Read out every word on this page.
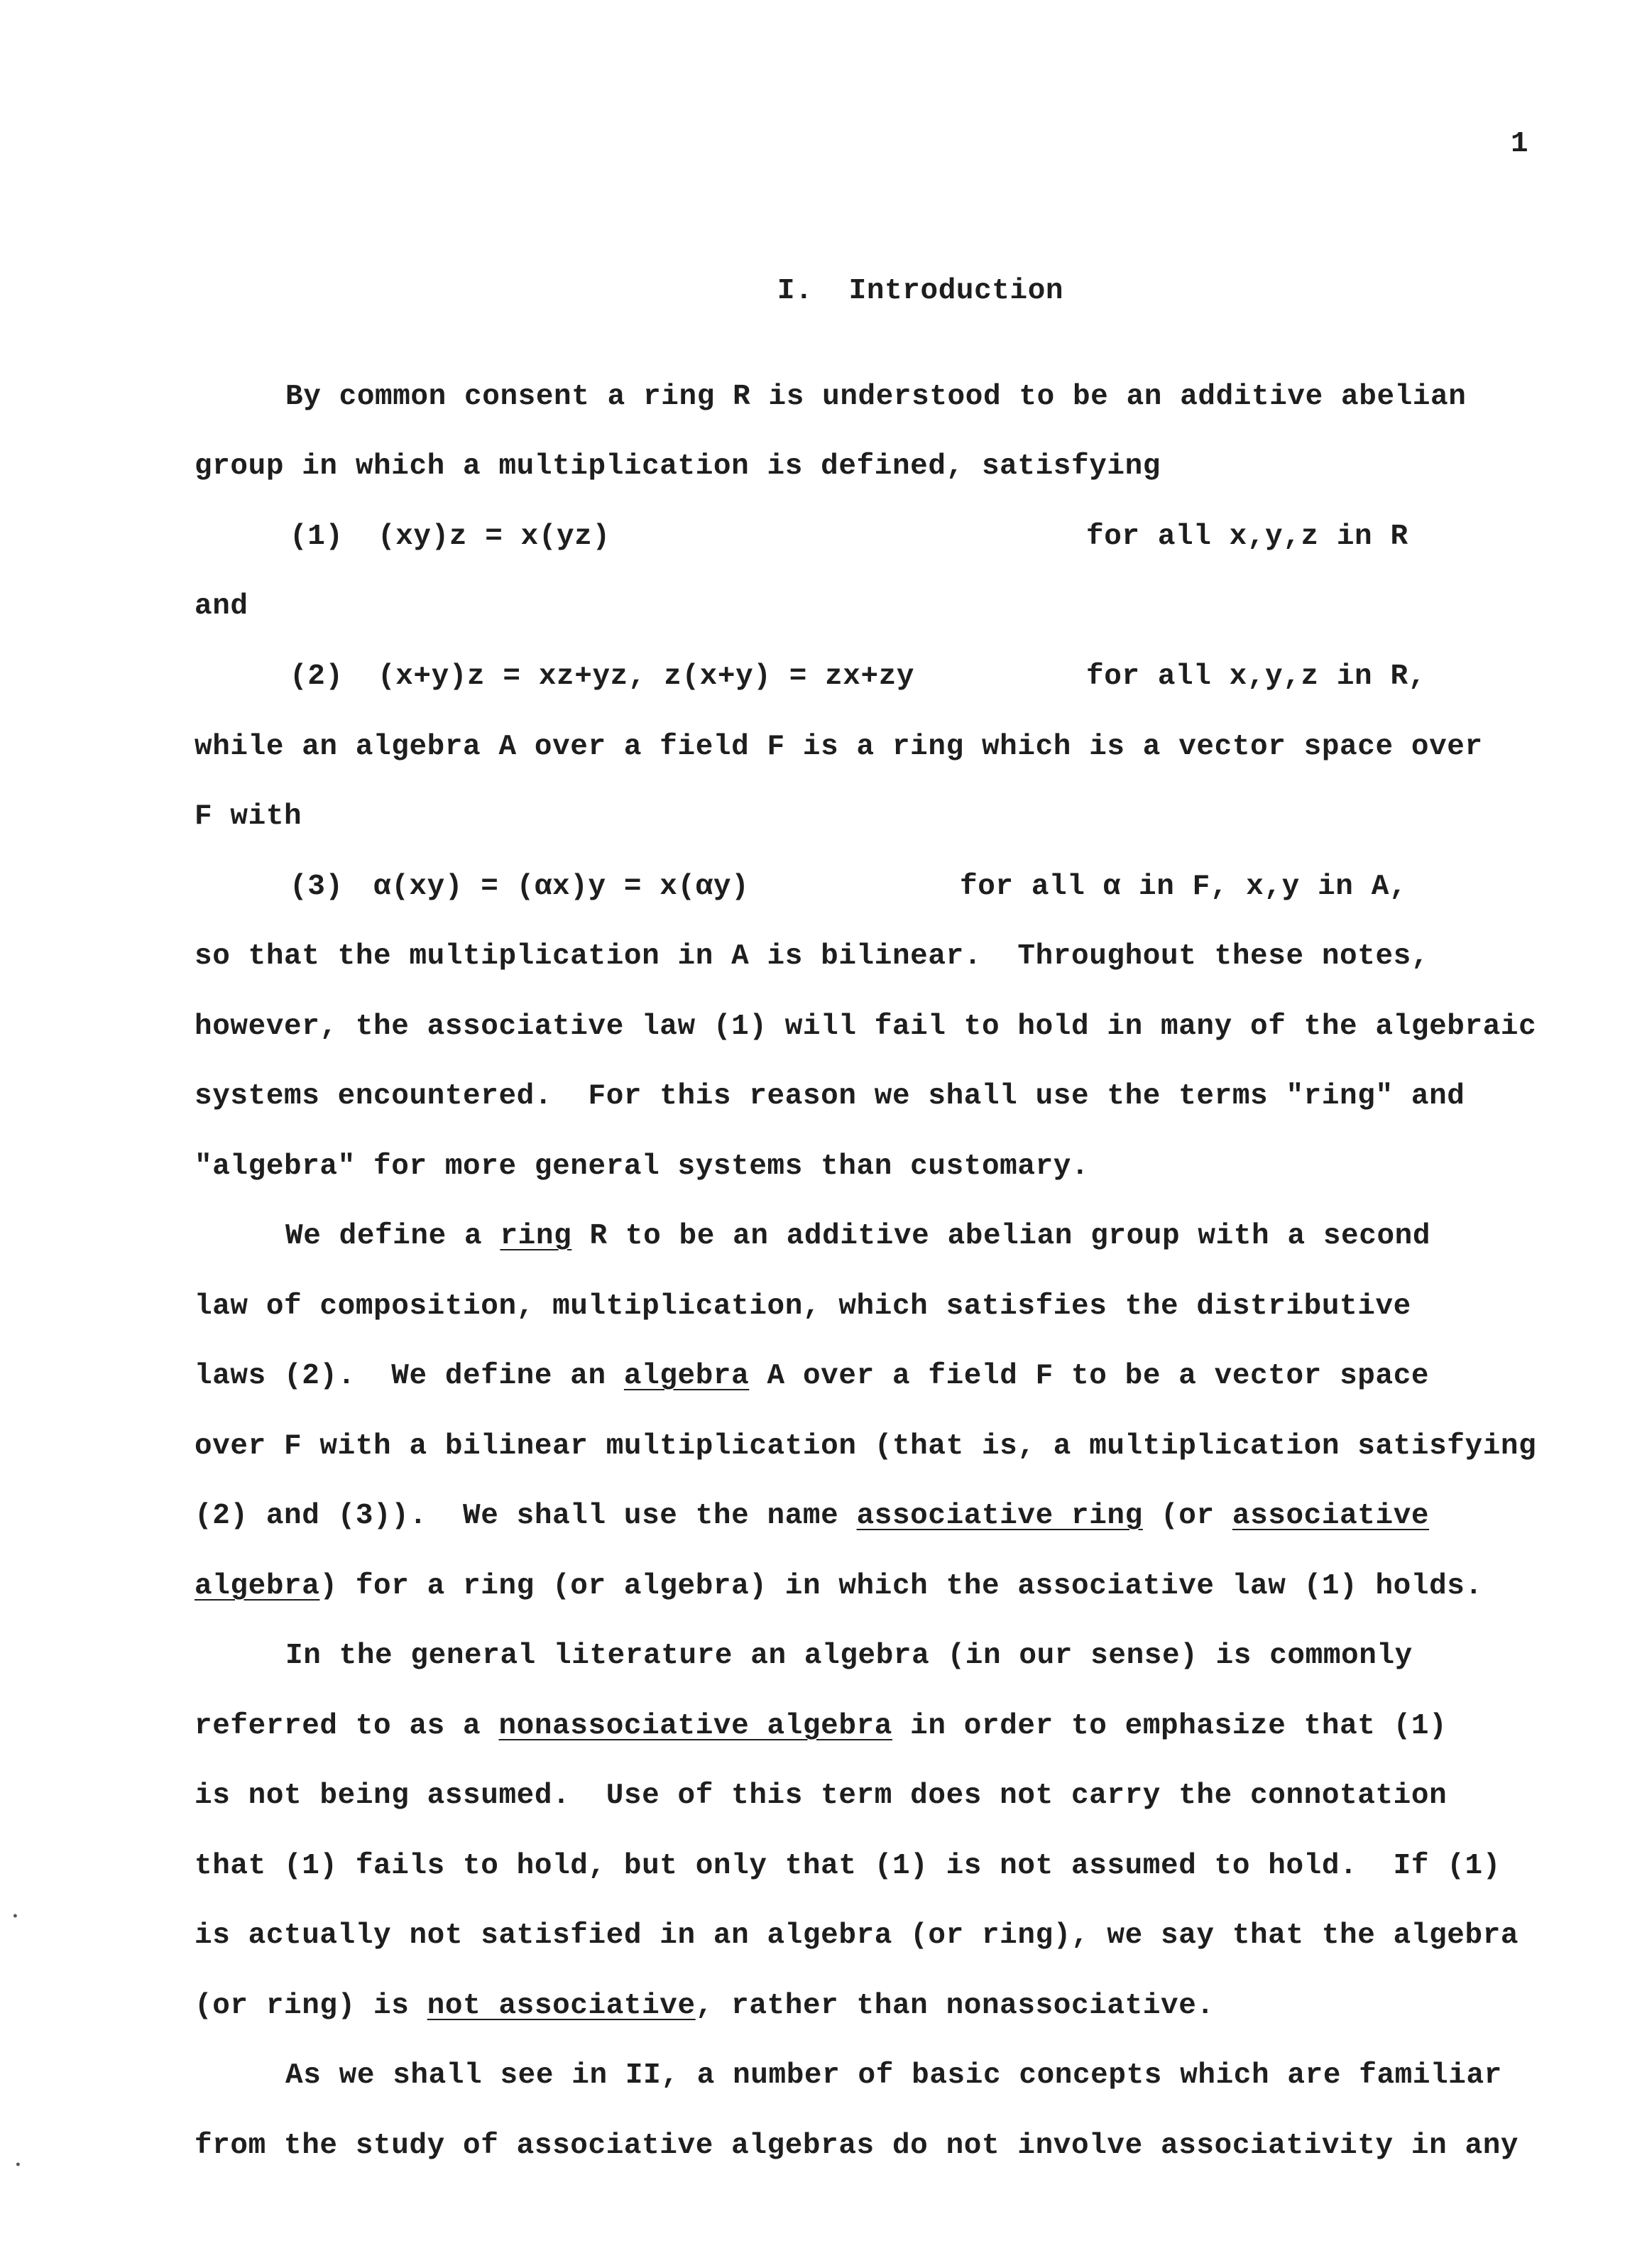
1

I. Introduction

By common consent a ring R is understood to be an additive abelian
group in which a multiplication is defined, satisfying
(1) (xy)z = x(yz)	for all x,y,z in R
and
(2) (x+y)z = xz+yz, z(x+y) = zx+zy	for all x,y,z in R,
while an algebra A over a field F is a ring which is a vector space over
F with
(3) α(xy) = (αx)y = x(αy)	for all α in F, x,y in A,
so that the multiplication in A is bilinear.  Throughout these notes,
however, the associative law (1) will fail to hold in many of the algebraic
systems encountered.  For this reason we shall use the terms "ring" and
"algebra" for more general systems than customary.
We define a ring R to be an additive abelian group with a second
law of composition, multiplication, which satisfies the distributive
laws (2).  We define an algebra A over a field F to be a vector space
over F with a bilinear multiplication (that is, a multiplication satisfying
(2) and (3)).  We shall use the name associative ring (or associative
algebra) for a ring (or algebra) in which the associative law (1) holds.
In the general literature an algebra (in our sense) is commonly
referred to as a nonassociative algebra in order to emphasize that (1)
is not being assumed.  Use of this term does not carry the connotation
that (1) fails to hold, but only that (1) is not assumed to hold.  If (1)
is actually not satisfied in an algebra (or ring), we say that the algebra
(or ring) is not associative, rather than nonassociative.
As we shall see in II, a number of basic concepts which are familiar
from the study of associative algebras do not involve associativity in any
•
•
